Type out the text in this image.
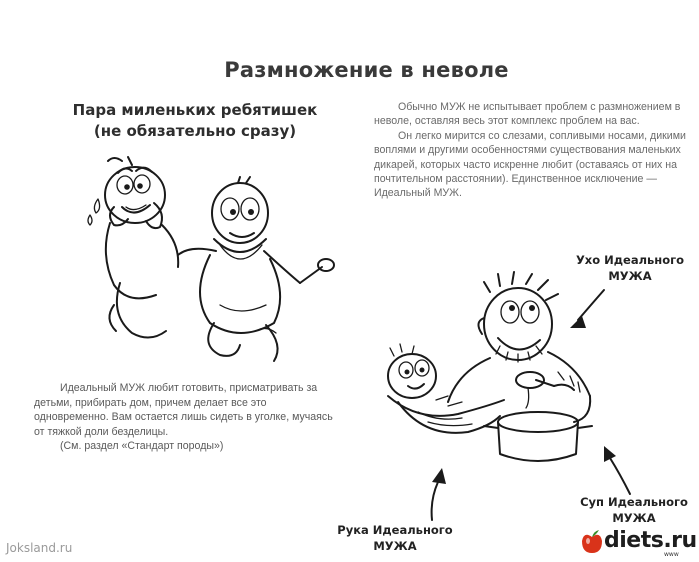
Размножение в неволе
Пара миленьких ребятишек
(не обязательно сразу)

Обычно МУЖ не испытывает проблем с размножением в неволе, оставляя весь этот комплекс проблем на вас.

Он легко мирится со слезами, сопливыми носами, дикими воплями и другими особенностями существования маленьких дикарей, которых часто искренне любит (оставаясь от них на почтительном расстоянии). Единственное исключение — Идеальный МУЖ.

Идеальный МУЖ любит готовить, присматривать за детьми, прибирать дом, причем делает все это одновременно. Вам остается лишь сидеть в уголке, мучаясь от тяжкой доли безделицы.

(См. раздел «Стандарт породы»)

Ухо Идеального
МУЖА
Суп Идеального
МУЖА
Рука Идеального
МУЖА
Joksland.ru	diets.ru
www
